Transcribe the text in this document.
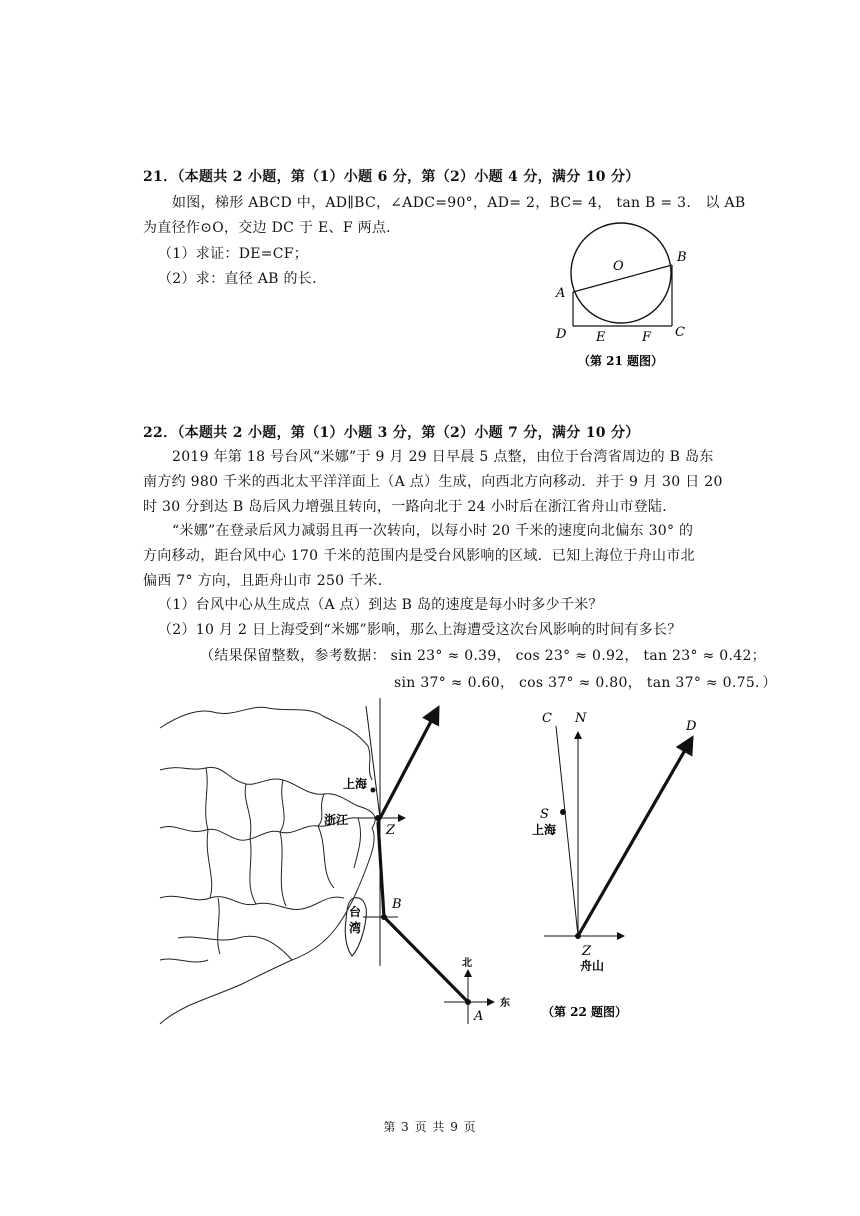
21．（本题共 2 小题，第（1）小题 6 分，第（2）小题 4 分，满分 10 分）
如图，梯形 ABCD 中，AD∥BC，∠ADC=90°，AD= 2，BC= 4， tan B = 3． 以 AB
为直径作⊙O，交边 DC 于 E、F 两点．
（1）求证：DE=CF；
（2）求：直径 AB 的长．
O
A
B
C
D E	F
（第 21 题图）
22．（本题共 2 小题，第（1）小题 3 分，第（2）小题 7 分，满分 10 分）
2019 年第 18 号台风“米娜”于 9 月 29 日早晨 5 点整，由位于台湾省周边的 B 岛东
南方约 980 千米的西北太平洋洋面上（A 点）生成，向西北方向移动．并于 9 月 30 日 20
时 30 分到达 B 岛后风力增强且转向，一路向北于 24 小时后在浙江省舟山市登陆．
“米娜”在登录后风力减弱且再一次转向，以每小时 20 千米的速度向北偏东 30° 的
方向移动，距台风中心 170 千米的范围内是受台风影响的区域．已知上海位于舟山市北
偏西 7° 方向，且距舟山市 250 千米．
（1）台风中心从生成点（A 点）到达 B 岛的速度是每小时多少千米？
（2）10 月 2 日上海受到“米娜”影响，那么上海遭受这次台风影响的时间有多长？
（结果保留整数，参考数据： sin 23° ≈ 0.39， cos 23° ≈ 0.92， tan 23° ≈ 0.42；
sin 37° ≈ 0.60， cos 37° ≈ 0.80， tan 37° ≈ 0.75．）
上海
浙江
Z
B
台
湾
A
北
东
C N
D
S
上海
Z
舟山
（第 22 题图）
第 3 页 共 9 页
